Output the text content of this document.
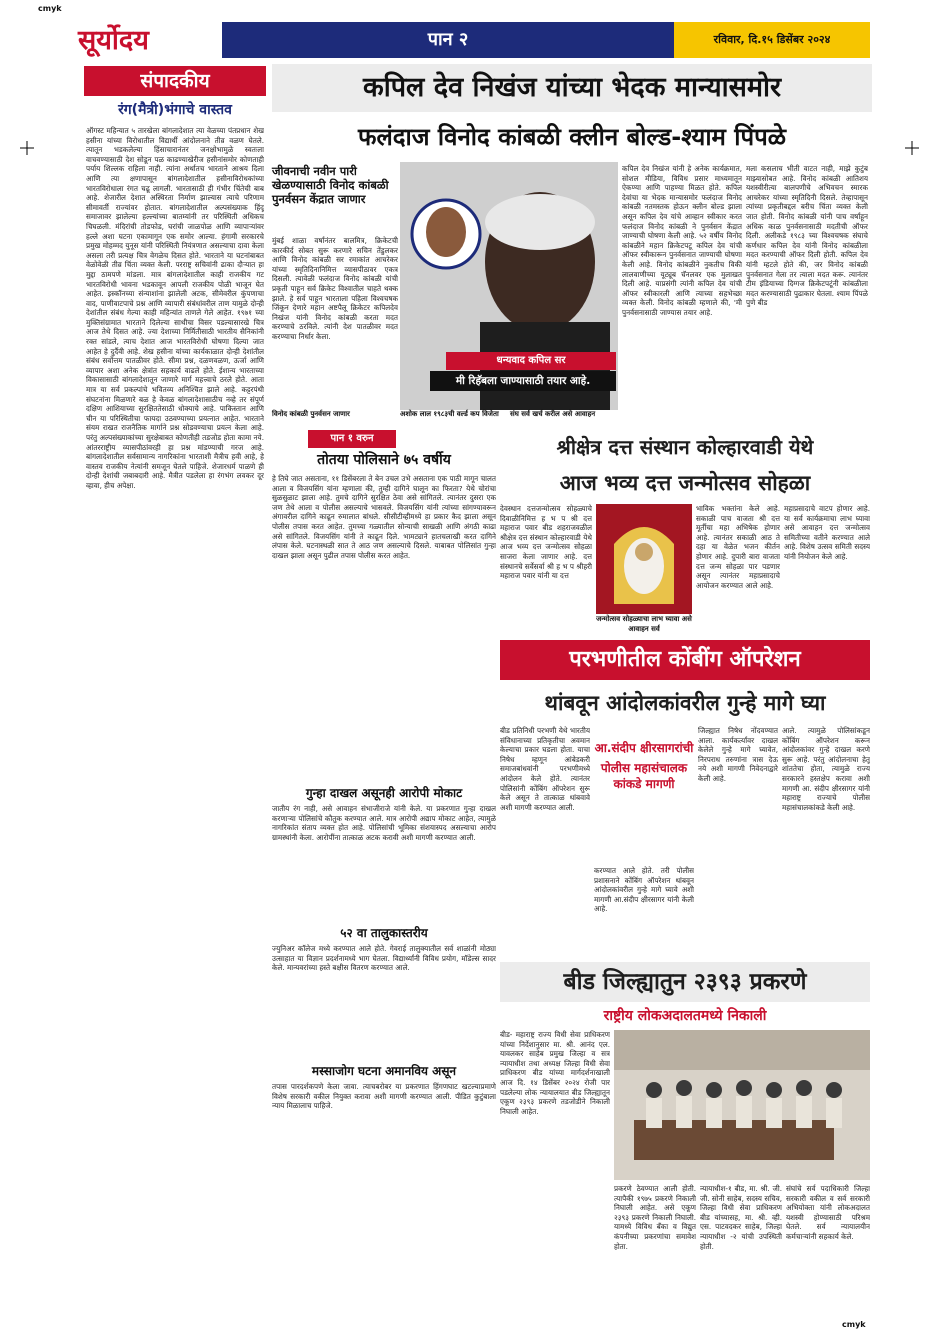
cmyk
सूर्योदय	पान २	रविवार, दि.१५ डिसेंबर २०२४
संपादकीय
रंग(मैत्री)भंगाचे वास्तव
ऑगस्ट महिन्यात ५ तारखेला बांगलादेशात त्या वेळच्या पंतप्रधान शेख हसीना यांच्या विरोधातील विद्यार्थी आंदोलनाने तीव्र वळण घेतले. त्यातून भडकलेल्या हिंसाचारानंतर जनक्षोभामुळे स्वतःला वाचवण्यासाठी देश सोडून पळ काढण्याखेरीज हसीनांसमोर कोणताही पर्याय शिल्लक राहिला नाही. त्यांना अर्थातच भारताने आश्रय दिला आणि त्या क्षणापासून बांगलादेशातील हसीनाविरोधकांच्या भारतविरोधाला रंगत चढू लागली. भारतासाठी ही गंभीर चिंतेची बाब आहे. शेजारील देशात अस्थिरता निर्माण झाल्यास त्याचे परिणाम सीमावर्ती राज्यांवर होतात. बांगलादेशातील अल्पसंख्याक हिंदू समाजावर झालेल्या हल्ल्यांच्या बातम्यांनी तर परिस्थिती अधिकच चिघळली. मंदिरांची तोडफोड, घरांची जाळपोळ आणि व्यापाऱ्यांवर हल्ले अशा घटना एकामागून एक समोर आल्या. हंगामी सरकारचे प्रमुख मोहम्मद युनूस यांनी परिस्थिती नियंत्रणात असल्याचा दावा केला असला तरी प्रत्यक्ष चित्र वेगळेच दिसत होते. भारताने या घटनांबाबत वेळोवेळी तीव्र चिंता व्यक्त केली. परराष्ट्र सचिवांनी ढाका दौऱ्यात हा मुद्दा ठामपणे मांडला. मात्र बांगलादेशातील काही राजकीय गट भारतविरोधी भावना भडकावून आपली राजकीय पोळी भाजून घेत आहेत. इस्कॉनच्या संन्याशांना झालेली अटक, सीमेवरील कुंपणाचा वाद, पाणीवाटपाचे प्रश्न आणि व्यापारी संबंधांवरील ताण यामुळे दोन्ही देशांतील संबंध गेल्या काही महिन्यांत ताणले गेले आहेत. १९७१ च्या मुक्तिसंग्रामात भारताने दिलेल्या साथीचा विसर पडल्यासारखे चित्र आज तेथे दिसत आहे. ज्या देशाच्या निर्मितीसाठी भारतीय सैनिकांनी रक्त सांडले, त्याच देशात आज भारतविरोधी घोषणा दिल्या जात आहेत हे दुर्दैवी आहे. शेख हसीना यांच्या कार्यकाळात दोन्ही देशांतील संबंध सर्वोत्तम पातळीवर होते. सीमा प्रश्न, दळणवळण, ऊर्जा आणि व्यापार अशा अनेक क्षेत्रांत सहकार्य वाढले होते. ईशान्य भारताच्या विकासासाठी बांगलादेशातून जाणारे मार्ग महत्त्वाचे ठरले होते. आता मात्र या सर्व प्रकल्पांचे भवितव्य अनिश्चित झाले आहे. कट्टरपंथी संघटनांना मिळणारे बळ हे केवळ बांगलादेशासाठीच नव्हे तर संपूर्ण दक्षिण आशियाच्या सुरक्षिततेसाठी धोक्याचे आहे. पाकिस्तान आणि चीन या परिस्थितीचा फायदा उठवण्याच्या प्रयत्नात आहेत. भारताने संयम राखत राजनैतिक मार्गाने प्रश्न सोडवण्याचा प्रयत्न केला आहे. परंतु अल्पसंख्याकांच्या सुरक्षेबाबत कोणतीही तडजोड होता कामा नये. आंतरराष्ट्रीय व्यासपीठांवरही हा प्रश्न मांडण्याची गरज आहे. बांगलादेशातील सर्वसामान्य नागरिकांना भारताशी मैत्रीच हवी आहे, हे वास्तव राजकीय नेत्यांनी समजून घेतले पाहिजे. शेजारधर्म पाळणे ही दोन्ही देशांची जबाबदारी आहे. मैत्रीत पडलेला हा रंगभंग लवकर दूर व्हावा, हीच अपेक्षा.
कपिल देव निखंज यांच्या भेदक मान्यासमोर
फलंदाज विनोद कांबळी क्लीन बोल्ड-श्याम पिंपळे
जीवनाची नवीन पारी खेळण्यासाठी विनोद कांबळी पुनर्वसन केंद्रात जाणार
मुंबई शाळा वर्षांनंतर बालमित्र, क्रिकेटची कारकीर्द सोबत सुरू करणारे सचिन तेंडुलकर आणि विनोद कांबळी सर रमाकांत आचरेकर यांच्या स्मृतिदिनानिमित्त व्यासपीठावर एकत्र दिसली. त्यावेळी फलंदाज विनोद कांबळी यांची प्रकृती पाहून सर्व क्रिकेट विश्वातील चाहते थक्क झाले. हे सर्व पाहून भारताला पहिला विश्वचषक जिंकून देणारे महान अष्टपैलू क्रिकेटर कपिलदेव निखंज यांनी विनोद कांबळी करता मदत करण्याचे ठरविले. त्यांनी देश पातळीवर मदत करण्याचा निर्धार केला.
धन्यवाद कपिल सर
मी रिहॅबला जाण्यासाठी तयार आहे.
विनोद कांबळी पुनर्वसन जाणार	अशोक लाल १९८३ची वर्ल्ड कप विजेता	संघ सर्व खर्च करील असे आवाहन
कपिल देव निखंज यांनी हे अनेक कार्यक्रमात, सोशल मीडिया, विविध प्रसार माध्यमातून ऐकण्या आणि पाहण्या मिळत होते. कपिल देवांचा या भेदक मान्यासमोर फलंदाज विनोद कांबळी नतमस्तक होऊन क्लीन बोल्ड झाला असून कपिल देव यांचे आव्हान स्वीकार करत फलंदाज विनोद कांबळी ने पुनर्वसन केंद्रात जाण्याची घोषणा केली आहे. ५२ वर्षीय विनोद कांबळीने महान क्रिकेटपटू कपिल देव यांची ऑफर स्वीकारून पुनर्वसनात जाण्याची घोषणा केली आहे. विनोद कांबळीने नुकतीच विकी लालवाणीच्या यूट्यूब चॅनलवर एक मुलाखत दिली आहे. याप्रसंगी त्यांनी कपिल देव यांची ऑफर स्वीकारली आणि त्याच्या सहभेच्छा व्यक्त केली. विनोद कांबळी म्हणाले की, 'मी पुनर्वसनासाठी जाण्यास तयार आहे.
मला कसलाच भीती वाटत नाही, माझे कुटुंब माझ्यासोबत आहे. विनोद कांबळी आतिशय यशस्वीरीत्या बालपणीचे अभिवचन स्मारक आचरेकर यांच्या स्मृतिदिनी दिसले. तेव्हापासून त्यांच्या प्रकृतीबद्दल बरीच चिंता व्यक्त केली जात होती. विनोद कांबळी यांनी पाच वर्षांहून अधिक काळ पुनर्वसनासाठी मदतीची ऑफर दिली. अलीकडे १९८३ च्या विश्वचषक संघाचे कर्णधार कपिल देव यांनी विनोद कांबळीला मदत करण्याची ऑफर दिली होती. कपिल देव यांनी म्हटले होते की, जर विनोद कांबळी पुनर्वसनात गेला तर त्याला मदत करू. त्यानंतर टीम इंडियाच्या दिग्गज क्रिकेटपटूंनी कांबळीला मदत करण्यासाठी पुढाकार घेतला. श्याम पिंपळे पुणे बीड
पान १ वरुन
तोतया पोलिसाने ७५ वर्षीय
हे तिघे जात असताना, ११ डिसेंबरला ते बेन उचल उभे असताना एक पाठी मागून चालत आला व विजयसिंग यांना म्हणाला की, तुम्ही दागिने घालून का फिरता? येथे चोरांचा सुळसुळाट झाला आहे. तुमचे दागिने सुरक्षित ठेवा असे सांगितले. त्यानंतर दुसरा एक जण तेथे आला व पोलीस असल्याचे भासवले. विजयसिंग यांनी त्यांच्या सांगण्यावरून अंगावरील दागिने काढून रुमालात बांधले. सीसीटीव्हीमध्ये हा प्रकार कैद झाला असून पोलीस तपास करत आहेत. तुमच्या गळ्यातील सोन्याची साखळी आणि अंगठी काढा असे सांगितले. विजयसिंग यांनी ते काढून दिले. भामट्याने हातचलाखी करत दागिने लंपास केले. घटनास्थळी सात ते आठ जण असल्याचे दिसले. याबाबत पोलिसांत गुन्हा दाखल झाला असून पुढील तपास पोलीस करत आहेत.
गुन्हा दाखल असूनही आरोपी मोकाट
जातीय रंग नाही, असे आवाहन संभाजीराजे यांनी केले. या प्रकरणात गुन्हा दाखल करणाऱ्या पोलिसांचे कौतुक करण्यात आले. मात्र आरोपी अद्याप मोकाट आहेत, त्यामुळे नागरिकांत संताप व्यक्त होत आहे. पोलिसांची भूमिका संशयास्पद असल्याचा आरोप ग्रामस्थांनी केला. आरोपींना तात्काळ अटक करावी अशी मागणी करण्यात आली.
५२ वा तालुकास्तरीय
ज्युनिअर कॉलेज मध्ये करण्यात आले होते. गेवराई तालुक्यातील सर्व शाळांनी मोठ्या उत्साहात या विज्ञान प्रदर्शनामध्ये भाग घेतला. विद्यार्थ्यांनी विविध प्रयोग, मॉडेल्स सादर केले. मान्यवरांच्या हस्ते बक्षीस वितरण करण्यात आले.
मस्साजोग घटना अमानविय असून
तपास पारदर्शकपणे केला जावा. त्याचबरोबर या प्रकरणात हिंगणघाट खटल्याप्रमाणे विशेष सरकारी वकील नियुक्त करावा अशी मागणी करण्यात आली. पीडित कुटुंबाला न्याय मिळालाच पाहिजे.
श्रीक्षेत्र दत्त संस्थान कोल्हारवाडी येथे
आज भव्य दत्त जन्मोत्सव सोहळा
देवस्थान दत्तजन्मोत्सव सोहळ्याचे दिवाळीनिमित्त ह भ प श्री दत्त महाराज पवार बीड शहराजवळील श्रीक्षेत्र दत्त संस्थान कोल्हारवाडी येथे आज भव्य दत्त जन्मोत्सव सोहळा साजरा केला जाणार आहे. दत्त संस्थानचे सर्वेसर्वा श्री ह भ प श्रीहरी महाराज पवार यांनी या दत्त
जन्मोत्सव सोहळ्याचा लाभ घ्यावा असे आवाहन सर्व
भाविक भक्तांना केले आहे. सकाळी पाच वाजता श्री दत्त मूर्तीचा महा अभिषेक होणार आहे. त्यानंतर सकाळी आठ ते दहा या वेळेत भजन कीर्तन होणार आहे. दुपारी बारा वाजता दत्त जन्म सोहळा पार पडणार असून त्यानंतर महाप्रसादाचे आयोजन करण्यात आले आहे.
महाप्रसादाचे वाटप होणार आहे. या सर्व कार्यक्रमाचा लाभ घ्यावा असे आवाहन दत्त जन्मोत्सव समितीच्या वतीने करण्यात आले आहे. विशेष उत्सव समिती सदस्य यांनी नियोजन केले आहे.
परभणीतील कोंबींग ऑपरेशन
थांबवून आंदोलकांवरील गुन्हे मागे घ्या
बीड प्रतिनिधी परभणी येथे भारतीय संविधानाच्या प्रतिकृतीचा अवमान केल्याचा प्रकार घडला होता. याचा निषेध म्हणून आंबेडकरी समाजबांधवांनी परभणीमध्ये आंदोलन केले होते. त्यानंतर पोलिसांनी कोंबिंग ऑपरेशन सुरू केले असून ते तात्काळ थांबवावे अशी मागणी करण्यात आली.
आ.संदीप क्षीरसागरांची
पोलीस महासंचालक कांकडे मागणी
करण्यात आले होते. तरी पोलीस प्रशासनाने कोंबिंग ऑपरेशन थांबवून आंदोलकांवरील गुन्हे मागे घ्यावे अशी मागणी आ.संदीप क्षीरसागर यांनी केली आहे.
जिल्ह्यात निषेध नोंदवण्यात आला. कार्यकर्त्यांवर दाखल केलेले गुन्हे मागे घ्यावेत, निरपराध तरुणांना त्रास देऊ नये अशी मागणी निवेदनाद्वारे केली आहे.
आले. त्यामुळे पोलिसांकडून कोंबिंग ऑपरेशन करून आंदोलकांवर गुन्हे दाखल करणे सुरू आहे. परंतु आंदोलनाचा हेतू शांततेचा होता, त्यामुळे राज्य सरकारने हस्तक्षेप करावा अशी मागणी आ. संदीप क्षीरसागर यांनी महाराष्ट्र राज्याचे पोलीस महासंचालकांकडे केली आहे.
बीड जिल्ह्यातुन २३९३ प्रकरणे
राष्ट्रीय लोकअदालतमध्ये निकाली
बीड- महाराष्ट्र राज्य विधी सेवा प्राधिकरण यांच्या निर्देशानुसार मा. श्री. आनंद एल. यावलकर साहेब प्रमुख जिल्हा व सत्र न्यायाधीश तथा अध्यक्ष जिल्हा विधी सेवा प्राधिकरण बीड यांच्या मार्गदर्शनाखाली आज दि. १४ डिसेंबर २०२४ रोजी पार पडलेल्या लोक न्यायालयात बीड जिल्ह्यातून एकूण २३९३ प्रकरणे तडजोडीने निकाली निघाली आहेत.
प्रकरणे ठेवण्यात आली होती. त्यापैकी १९७५ प्रकरणे निकाली निघाली आहेत. असे एकूण २३९३ प्रकरणे निकाली निघाली. यामध्ये विविध बँका व विद्युत कंपनीच्या प्रकरणांचा समावेश होता.
न्यायाधीश-१ बीड, मा. श्री. जी. जी. सोनी साहेब, सदस्य सचिव, जिल्हा विधी सेवा प्राधिकरण बीड यांच्यासह, मा. श्री. व्ही. एस. पाटवदकर साहेब, जिल्हा न्यायाधीश -२ यांची उपस्थिती होती.
संघांचे सर्व पदाधिकारी जिल्हा सरकारी वकील व सर्व सरकारी अभियोक्ता यांनी लोकअदालत यशस्वी होण्यासाठी परिश्रम घेतले. सर्व न्यायालयीन कर्मचाऱ्यांनी सहकार्य केले.
cmyk
